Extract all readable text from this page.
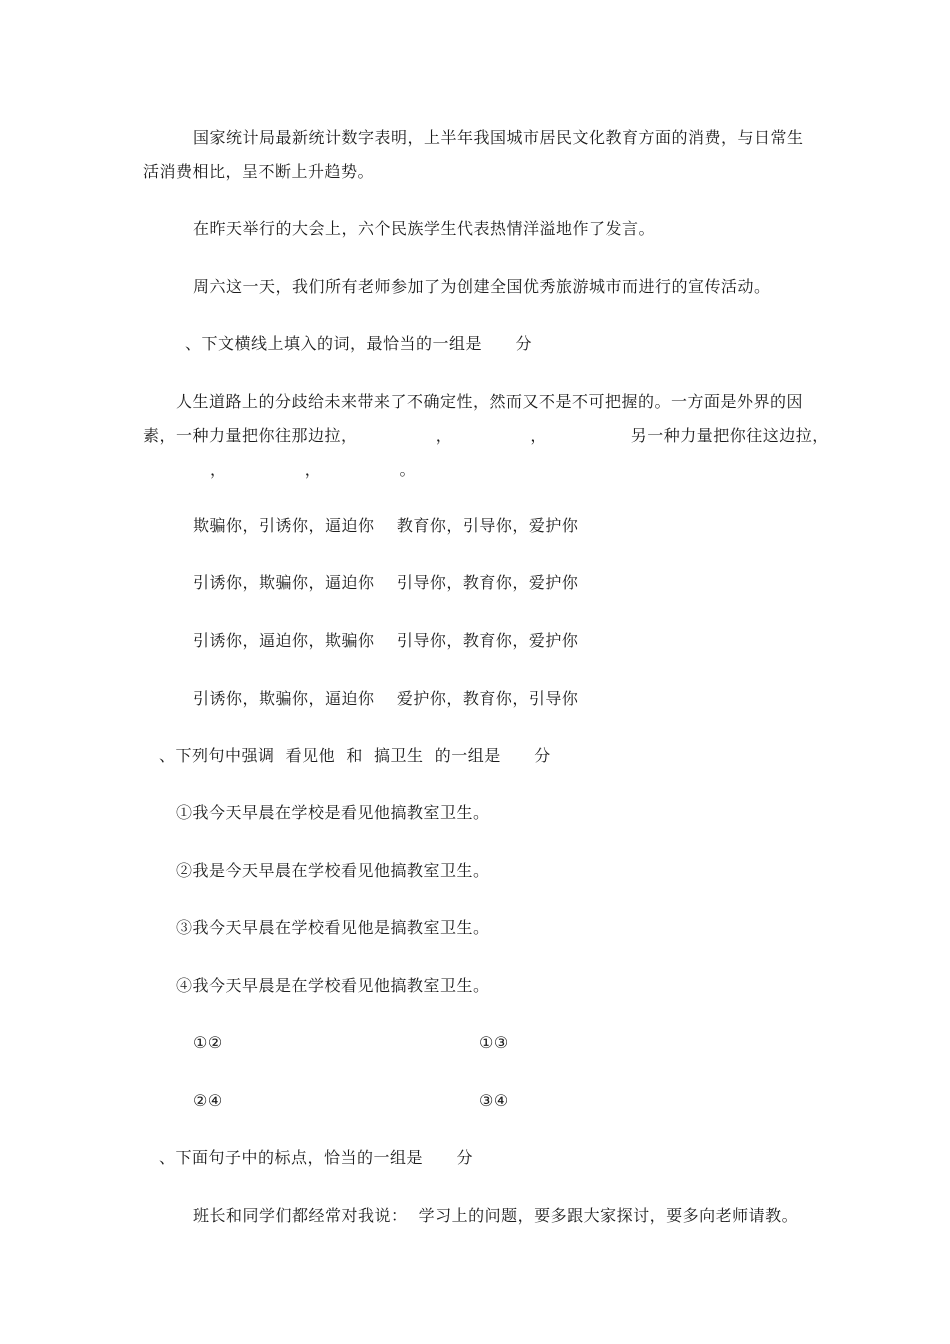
国家统计局最新统计数字表明，上半年我国城市居民文化教育方面的消费，与日常生
活消费相比，呈不断上升趋势。
在昨天举行的大会上，六个民族学生代表热情洋溢地作了发言。
周六这一天，我们所有老师参加了为创建全国优秀旅游城市而进行的宣传活动。
、下文横线上填入的词，最恰当的一组是      分
人生道路上的分歧给未来带来了不确定性，然而又不是不可把握的。一方面是外界的因
素，一种力量把你往那边拉，              ，              ，               另一种力量把你往这边拉，
，              ，              。
欺骗你，引诱你，逼迫你    教育你，引导你，爱护你
引诱你，欺骗你，逼迫你    引导你，教育你，爱护你
引诱你，逼迫你，欺骗你    引导你，教育你，爱护你
引诱你，欺骗你，逼迫你    爱护你，教育你，引导你
、下列句中强调  看见他  和  搞卫生  的一组是      分
①我今天早晨在学校是看见他搞教室卫生。
②我是今天早晨在学校看见他搞教室卫生。
③我今天早晨在学校看见他是搞教室卫生。
④我今天早晨是在学校看见他搞教室卫生。
①②	①③
②④	③④
、下面句子中的标点，恰当的一组是      分
班长和同学们都经常对我说：  学习上的问题，要多跟大家探讨，要多向老师请教。
